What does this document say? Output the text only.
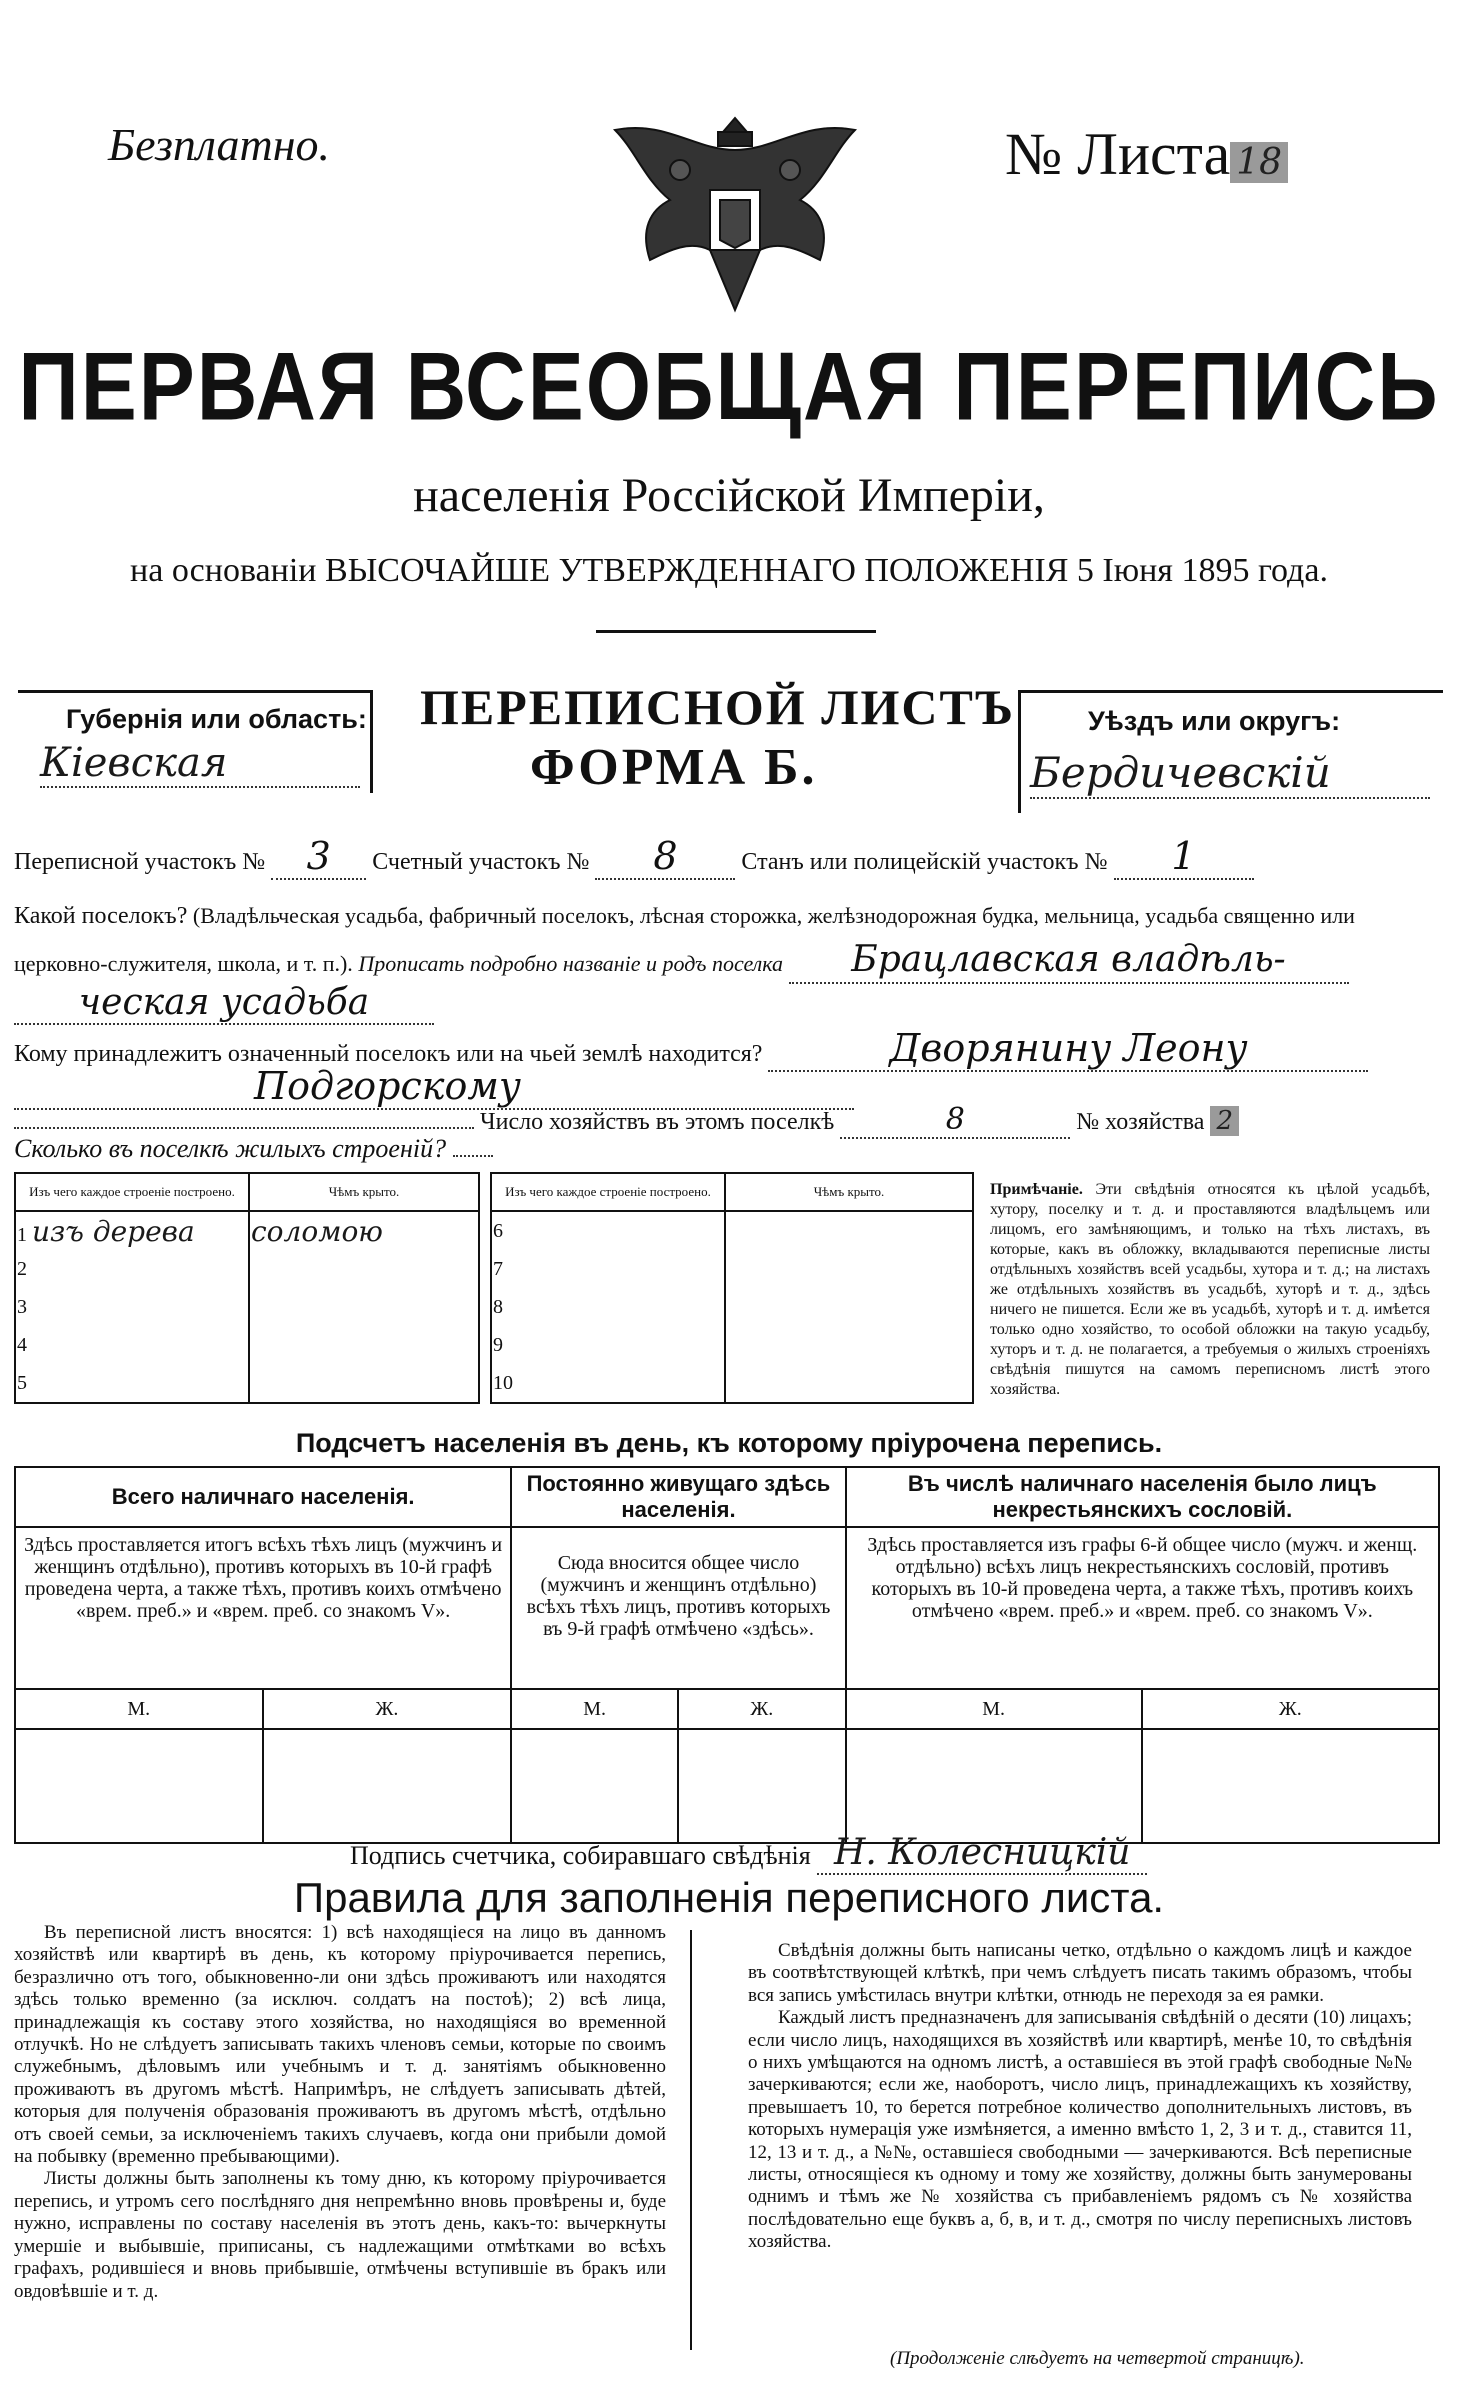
Безплатно.	№ Листа 18
ПЕРВАЯ ВСЕОБЩАЯ ПЕРЕПИСЬ
населенія Россійской Имперіи,
на основаніи ВЫСОЧАЙШЕ УТВЕРЖДЕННАГО ПОЛОЖЕНІЯ 5 Іюня 1895 года.
Губернія или область:
Кіевская
ПЕРЕПИСНОЙ ЛИСТЪ
ФОРМА Б.
Уѣздъ или округъ:
Бердичевскій
Переписной участокъ № 3 Счетный участокъ № 8	Станъ или полицейскій участокъ № 1
Какой поселокъ? (Владѣльческая усадьба, фабричный поселокъ, лѣсная сторожка, желѣзнодорожная будка, мельница, усадьба священно или церковно-служителя, школа, и т. п.). Прописать подробно названіе и родъ поселка Брацлавская владѣль-
ческая усадьба
Кому принадлежитъ означенный поселокъ или на чьей землѣ находится?	Дворянину Леону
Подгорскому
Число хозяйствъ въ этомъ поселкѣ	8	№ хозяйства 2
Сколько въ поселкѣ жилыхъ строеній?
Изъ чего каждое строеніе построено.	Чѣмъ крыто.
1 изъ дерева	соломою
2	
3	
4	
5	
Изъ чего каждое строеніе построено.	Чѣмъ крыто.
6	
7	
8	
9	
10	
Примѣчаніе. Эти свѣдѣнія относятся къ цѣлой усадьбѣ, хутору, поселку и т. д. и проставляются владѣльцемъ или лицомъ, его замѣняющимъ, и только на тѣхъ листахъ, въ которые, какъ въ обложку, вкладываются переписные листы отдѣльныхъ хозяйствъ всей усадьбы, хутора и т. д.; на листахъ же отдѣльныхъ хозяйствъ въ усадьбѣ, хуторѣ и т. д., здѣсь ничего не пишется. Если же въ усадьбѣ, хуторѣ и т. д. имѣется только одно хозяйство, то особой обложки на такую усадьбу, хуторъ и т. д. не полагается, а требуемыя о жилыхъ строеніяхъ свѣдѣнія пишутся на самомъ переписномъ листѣ этого хозяйства.
Подсчетъ населенія въ день, къ которому пріурочена перепись.
Всего наличнаго населенія.		Постоянно живущаго здѣсь населенія.		Въ числѣ наличнаго населенія было лицъ некрестьянскихъ сословій.	
Здѣсь проставляется итогъ всѣхъ тѣхъ лицъ (мужчинъ и женщинъ отдѣльно), противъ которыхъ въ 10-й графѣ проведена черта, а также тѣхъ, противъ коихъ отмѣчено «врем. преб.» и «врем. преб. со знакомъ V».		Сюда вносится общее число (мужчинъ и женщинъ отдѣльно) всѣхъ тѣхъ лицъ, противъ которыхъ въ 9-й графѣ отмѣчено «здѣсь».		Здѣсь проставляется изъ графы 6-й общее число (мужч. и женщ. отдѣльно) всѣхъ лицъ некрестьянскихъ сословій, противъ которыхъ въ 10-й проведена черта, а также тѣхъ, противъ коихъ отмѣчено «врем. преб.» и «врем. преб. со знакомъ V».	
М.	Ж.	М.	Ж.	М.	Ж.

Подпись счетчика, собиравшаго свѣдѣнія Н. Колесницкій
Правила для заполненія переписного листа.

Въ переписной листъ вносятся: 1) всѣ находящіеся на лицо въ данномъ хозяйствѣ или квартирѣ въ день, къ которому пріурочивается перепись, безразлично отъ того, обыкновенно-ли они здѣсь проживаютъ или находятся здѣсь только временно (за исключ. солдатъ на постоѣ); 2) всѣ лица, принадлежащія къ составу этого хозяйства, но находящіяся во временной отлучкѣ. Но не слѣдуетъ записывать такихъ членовъ семьи, которые по своимъ служебнымъ, дѣловымъ или учебнымъ и т. д. занятіямъ обыкновенно проживаютъ въ другомъ мѣстѣ. Напримѣръ, не слѣдуетъ записывать дѣтей, которыя для полученія образованія проживаютъ въ другомъ мѣстѣ, отдѣльно отъ своей семьи, за исключеніемъ такихъ случаевъ, когда они прибыли домой на побывку (временно пребывающими).

Листы должны быть заполнены къ тому дню, къ которому пріурочивается перепись, и утромъ сего послѣдняго дня непремѣнно вновь провѣрены и, буде нужно, исправлены по составу населенія въ этотъ день, какъ-то: вычеркнуты умершіе и выбывшіе, приписаны, съ надлежащими отмѣтками во всѣхъ графахъ, родившіеся и вновь прибывшіе, отмѣчены вступившіе въ бракъ или овдовѣвшіе и т. д.

Свѣдѣнія должны быть написаны четко, отдѣльно о каждомъ лицѣ и каждое въ соотвѣтствующей клѣткѣ, при чемъ слѣдуетъ писать такимъ образомъ, чтобы вся запись умѣстилась внутри клѣтки, отнюдь не переходя за ея рамки.

Каждый листъ предназначенъ для записыванія свѣдѣній о десяти (10) лицахъ; если число лицъ, находящихся въ хозяйствѣ или квартирѣ, менѣе 10, то свѣдѣнія о нихъ умѣщаются на одномъ листѣ, а оставшіеся въ этой графѣ свободные №№ зачеркиваются; если же, наоборотъ, число лицъ, принадлежащихъ къ хозяйству, превышаетъ 10, то берется потребное количество дополнительныхъ листовъ, въ которыхъ нумерація уже измѣняется, а именно вмѣсто 1, 2, 3 и т. д., ставится 11, 12, 13 и т. д., а №№, оставшіеся свободными — зачеркиваются. Всѣ переписные листы, относящіеся къ одному и тому же хозяйству, должны быть занумерованы однимъ и тѣмъ же № хозяйства съ прибавленіемъ рядомъ съ № хозяйства послѣдовательно еще буквъ а, б, в, и т. д., смотря по числу переписныхъ листовъ хозяйства.

(Продолженіе слѣдуетъ на четвертой страницѣ).
